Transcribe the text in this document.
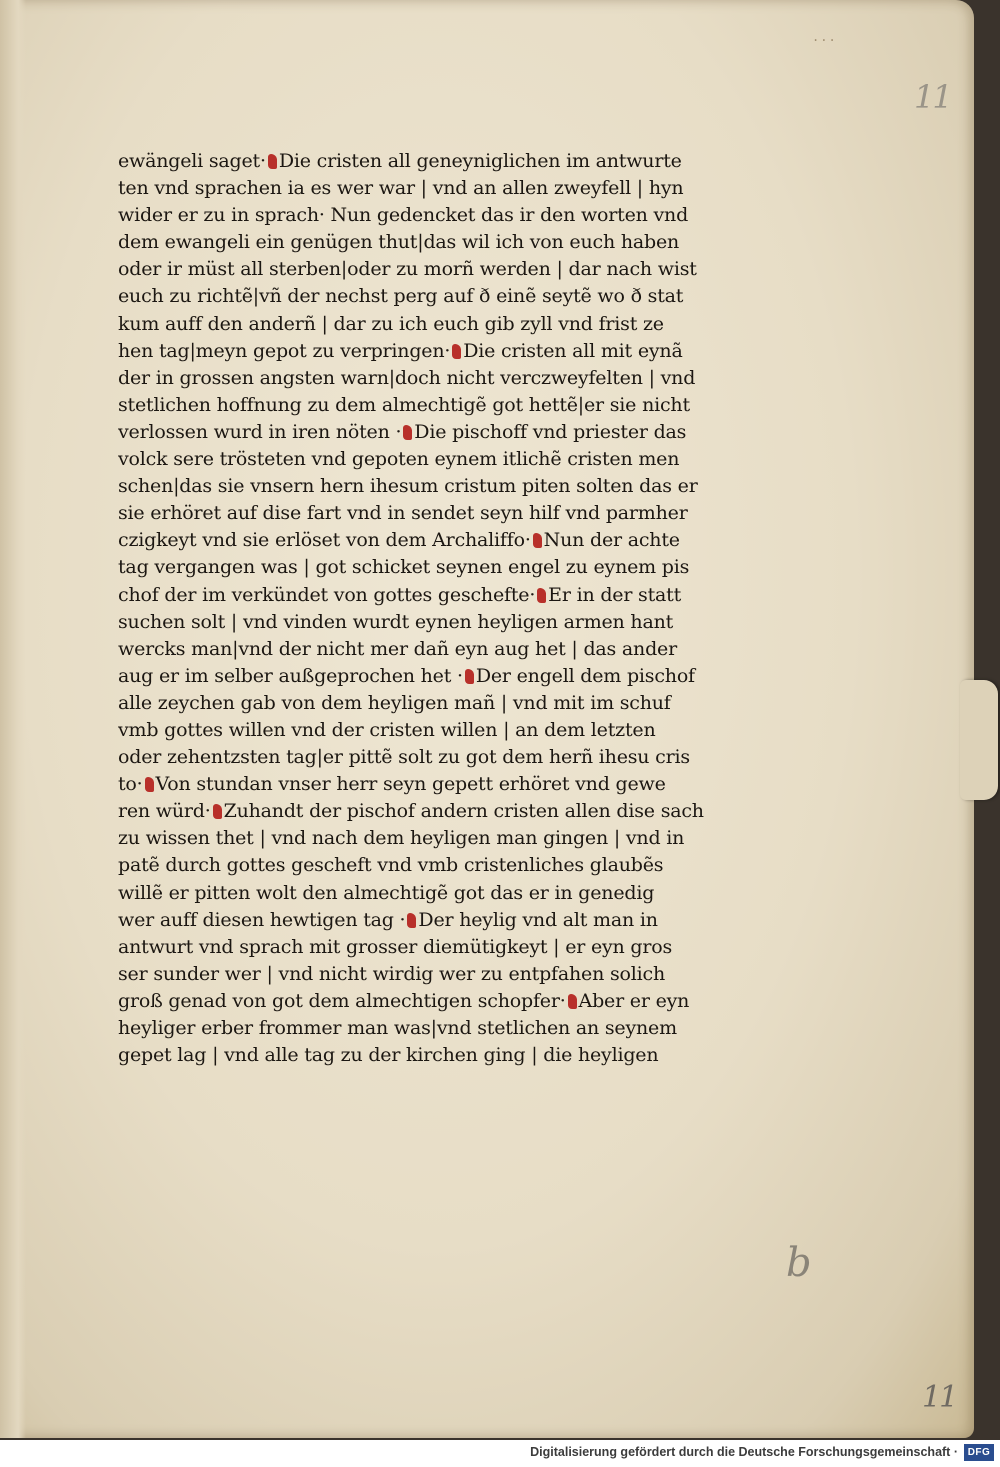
...
11
ewängeli saget· Die cristen all geneyniglichen im antwurte
ten vnd sprachen ia es wer war | vnd an allen zweyfell | hyn
wider er zu in sprach· Nun gedencket das ir den worten vnd
dem ewangeli ein genügen thut|das wil ich von euch haben
oder ir müst all sterben|oder zu morñ werden | dar nach wist
euch zu richtẽ|vñ der nechst perg auf ð einẽ seytẽ wo ð stat
kum auff den anderñ | dar zu ich euch gib zyll vnd frist ze
hen tag|meyn gepot zu verpringen· Die cristen all mit eynã
der in grossen angsten warn|doch nicht verczweyfelten | vnd
stetlichen hoffnung zu dem almechtigẽ got hettẽ|er sie nicht
verlossen wurd in iren nöten · Die pischoff vnd priester das
volck sere trösteten vnd gepoten eynem itlichẽ cristen men
schen|das sie vnsern hern ihesum cristum piten solten das er
sie erhöret auf dise fart vnd in sendet seyn hilf vnd parmher
czigkeyt vnd sie erlöset von dem Archaliffo· Nun der achte
tag vergangen was | got schicket seynen engel zu eynem pis
chof der im verkündet von gottes geschefte· Er in der statt
suchen solt | vnd vinden wurdt eynen heyligen armen hant
wercks man|vnd der nicht mer dañ eyn aug het | das ander
aug er im selber außgeprochen het · Der engell dem pischof
alle zeychen gab von dem heyligen mañ | vnd mit im schuf
vmb gottes willen vnd der cristen willen | an dem letzten
oder zehentzsten tag|er pittẽ solt zu got dem herñ ihesu cris
to· Von stundan vnser herr seyn gepett erhöret vnd gewe
ren würd· Zuhandt der pischof andern cristen allen dise sach
zu wissen thet | vnd nach dem heyligen man gingen | vnd in
patẽ durch gottes gescheft vnd vmb cristenliches glaubẽs
willẽ er pitten wolt den almechtigẽ got das er in genedig
wer auff diesen hewtigen tag · Der heylig vnd alt man in
antwurt vnd sprach mit grosser diemütigkeyt | er eyn gros
ser sunder wer | vnd nicht wirdig wer zu entpfahen solich
groß genad von got dem almechtigen schopfer· Aber er eyn
heyliger erber frommer man was|vnd stetlichen an seynem
gepet lag | vnd alle tag zu der kirchen ging | die heyligen
b
11
Digitalisierung gefördert durch die Deutsche Forschungsgemeinschaft · DFG
